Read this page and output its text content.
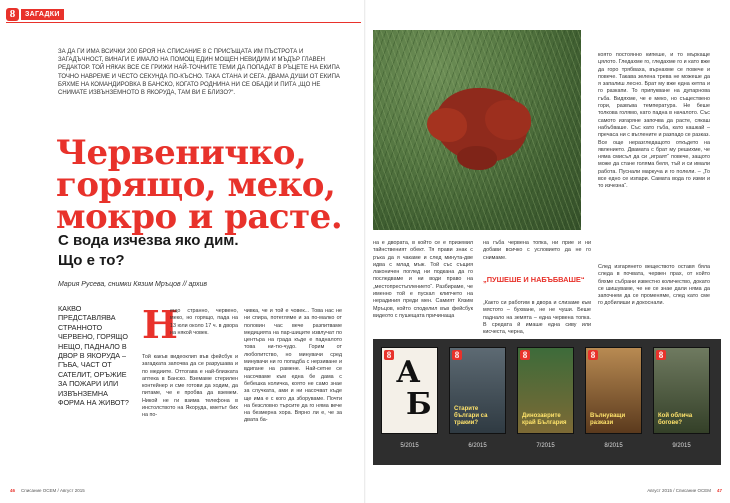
8	ЗАГАДКИ

ЗА ДА ГИ ИМА ВСИЧКИ 200 БРОЯ НА СПИСАНИЕ 8 С ПРИСЪЩАТА ИМ ПЪСТРОТА И ЗАГАДЪЧНОСТ, ВИНАГИ Е ИМАЛО НА ПОМОЩ ЕДИН МОЩЕН НЕВИДИМ И МЪДЪР ГЛАВЕН РЕДАКТОР. ТОЙ НЯКАК ВСЕ СЕ ГРИЖИ НАЙ-ТОЧНИТЕ ТЕМИ ДА ПОПАДАТ В РЪЦЕТЕ НА ЕКИПА ТОЧНО НАВРЕМЕ И ЧЕСТО СЕКУНДА ПО-КЪСНО. ТАКА СТАНА И СЕГА. ДВАМА ДУШИ ОТ ЕКИПА БЯХМЕ НА КОМАНДИРОВКА В БАНСКО, КОГАТО РОДНИНА НИ СЕ ОБАДИ И ПИТА „ЩО НЕ СНИМАТЕ ИЗВЪНЗЕМНОТО В ЯКОРУДА, ТАМ ВИ Е БЛИЗО?“.

Червеничко,
горящо, меко,
мокро и расте.
С вода изчезва яко дим.
Що е то?
Мария Русева, снимки Кязим Мръцов // архив

КАКВО ПРЕДСТАВЛЯВА СТРАННОТО ЧЕРВЕНО, ГОРЯЩО НЕЩО, ПАДНАЛО В ДВОР В ЯКОРУДА – ГЪБА, ЧАСТ ОТ САТЕЛИТ, ОРЪЖИЕ ЗА ПОЖАРИ ИЛИ ИЗВЪНЗЕМНА ФОРМА НА ЖИВОТ?

Н

ещо странно, червено, меко, но горящо, пада на 13 юли около 17 ч. в двора на някой човек.

Той какъв видеоклип във фейсбук и загадката започва да се разрушава и по медиите. Оттогава е най-близката аптека в Банско. Вземаме стерилен контейнер и сме готови да ходим, да питаме, че е пробва да вземем. Никой не ги взима телефона в инстолството на Якоруда, кметът бих на по-

чивка, че и той е човек... Това нас не ни спира, потегляме и за по-малко от половин час вече разпитваме медицията на пар-шиците извлучат по центъра на града къде е падналото това ни-тю-чудо. Горим от любопитство, но минувачи сред минувачи ни го попадба с нерзиване и вдигане на рамене. Най-сетне се насочваме към една бе дама с бебешка количка, която не само знае за случката, ами и ни насочват къде ще има е с кого да зборуваме. Почти на безсловно търсите да го няма вече на безмерна хора. Вярно ли е, че за двата ба-

46 Списание ОСЕМ / Август 2015

която постоянно кипеше, и то мъркаще цялото. Гледахме го, гледахме го и като вже да горо трябваха, върнахме се повече и повече. Такава зелена трева не можеше да я запалиш лесно. Брат му вже една кетпа и го разкапи. То припукване на дупарнова гъба. Видяхме, че е меко, но съществено гори, развъва температура. Не беше толкова голямо, като падна в началото. Със самото изгаряне започва да расте, сякаш набъбваше. Със като гъба, като кашкай – пречаса ни с въглените и разпадо се разказ. Все още неразгледащото откъдето на явлението. Двамата с брат му решихме, че няма смисъл да си „играят“ повече, защото може да стане голяма беля, тъй и си имали работа. Пуснали маркуча и го полели. – „То все едно се изпари. Самата вода го изми и то изчезна“.

на е двората, в който се е приземил тайнственият обект. Тя прави знак с ръка да я чакаме и след минута-две идва с млад мъж. Той със същия лаконичен поглед ни подкана да го последваме и ни води право на „местопрестъплението“. Разбираме, че именно той е пускал клипчето на нерадиния преди мен. Самият Кязим Мръцов, който споделил във фейсбук видеото с пушещата причинаща

на гъба червена топка, ни прие и ни добави всичко с условието да не го снимаме.

„ПУШЕШЕ И НАБЪБВАШЕ“

„Както си работим в двора и слизаме към мястото – бухване, не не чуши. Беше паднало на земята – една червена топка. В средата й имаше една сиву или кисчеста, черна,

След изгарянето веществото оставя бяла следа в почвата, червен прах, от който бяхме събрани известно количество, докато се шишуваме, че не се знае дали няма да започнем да се променяме, след като сме го добилиши и докоснали.

8 А
Б
5/2015
8
Старите българи са тракии?
6/2015
8
Динозаврите край България
7/2015
8
Вълнуващи разкази
8/2015
8
Кой облича богове?
9/2015
Август 2015 / Списание ОСЕМ 47
